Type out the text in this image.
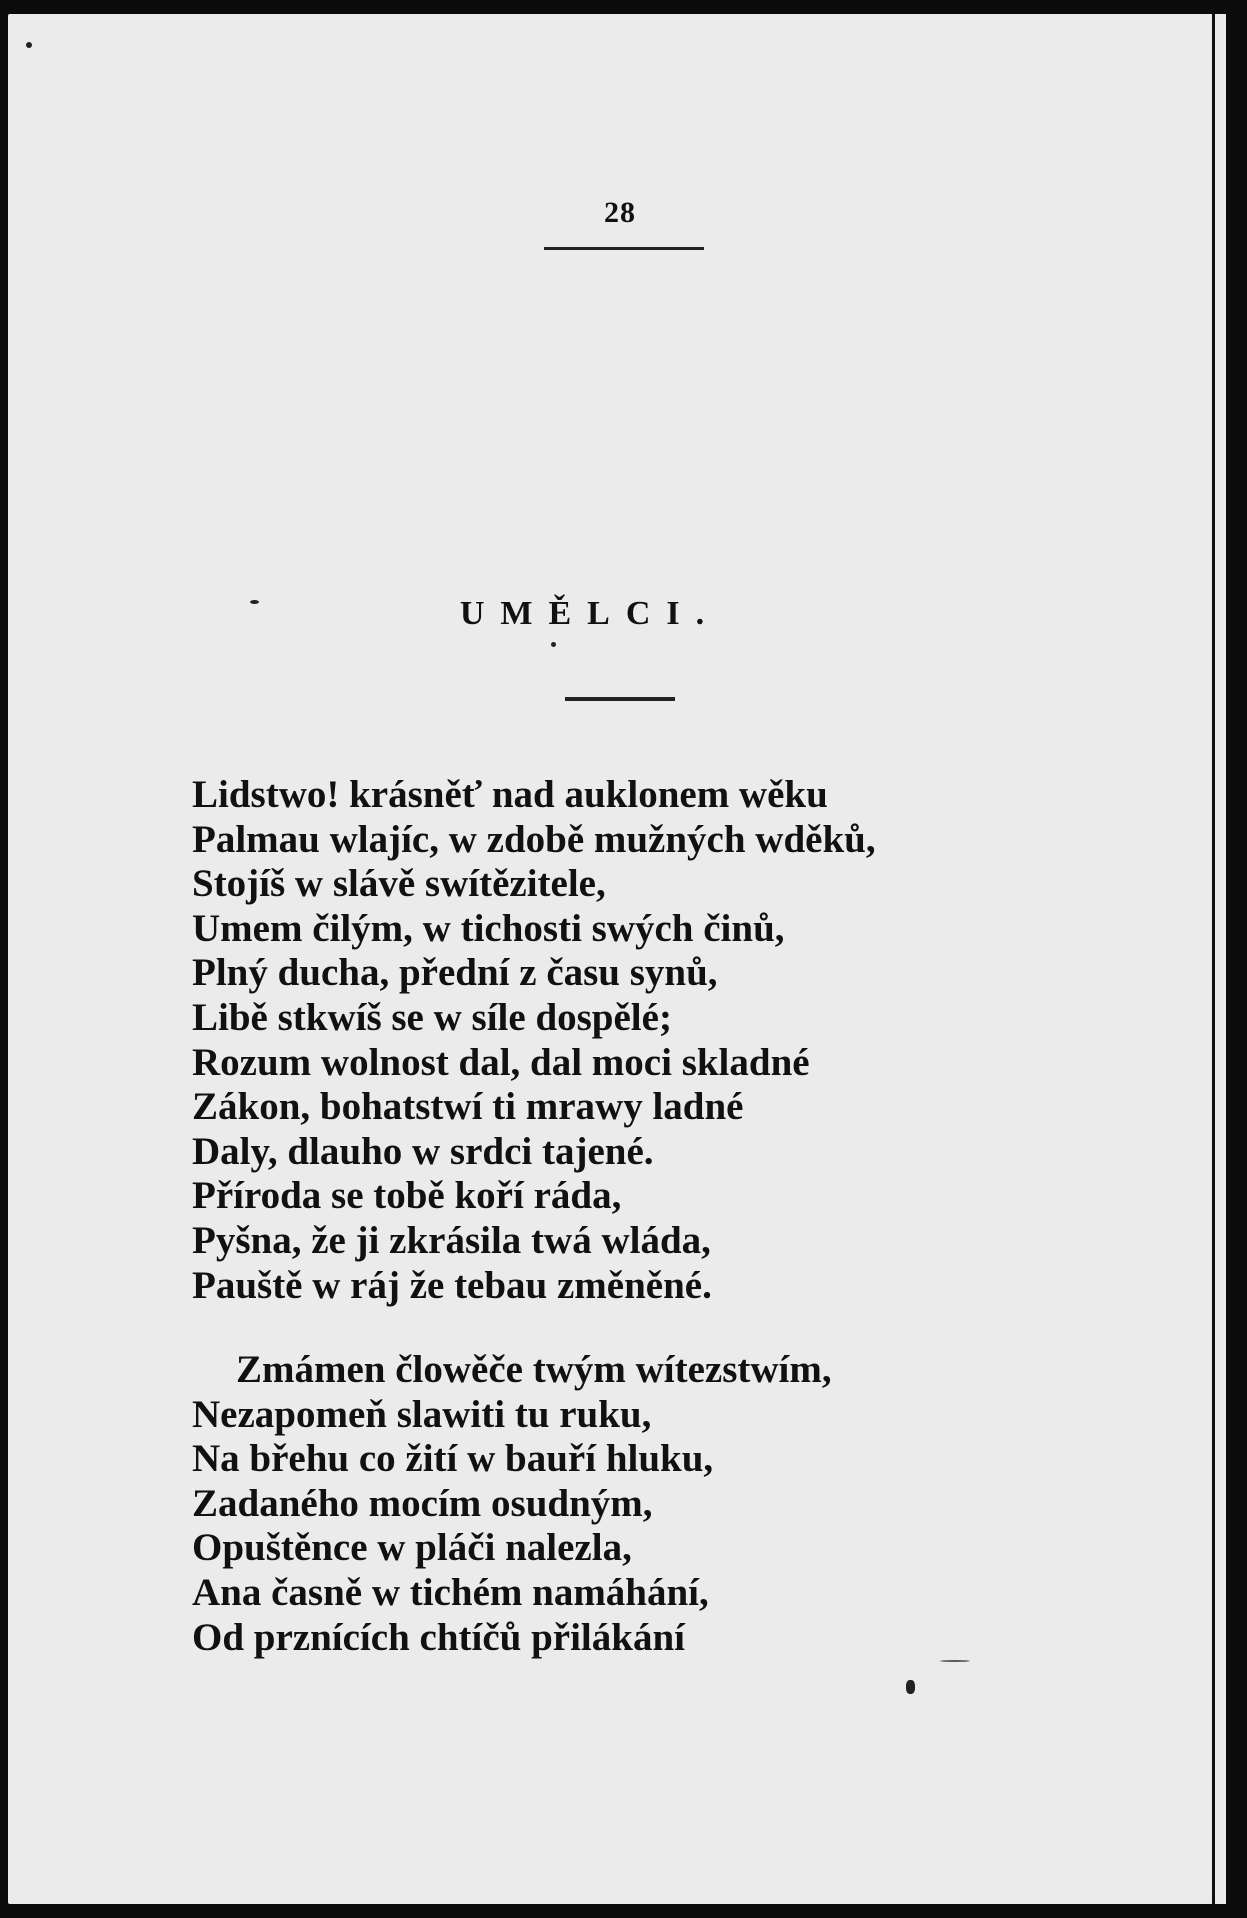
28
UMĚLCI.
Lidstwo! krásněť nad auklonem wěku
Palmau wlajíc, w zdobě mužných wděků,
Stojíš w slávě swítězitele,
Umem čilým, w tichosti swých činů,
Plný ducha, přední z času synů,
Libě stkwíš se w síle dospělé;
Rozum wolnost dal, dal moci skladné
Zákon, bohatstwí ti mrawy ladné
Daly, dlauho w srdci tajené.
Příroda se tobě koří ráda,
Pyšna, že ji zkrásila twá wláda,
Pauště w ráj že tebau změněné.
Zmámen člowěče twým wítezstwím,
Nezapomeň slawiti tu ruku,
Na břehu co žití w bauří hluku,
Zadaného mocím osudným,
Opuštěnce w pláči nalezla,
Ana časně w tichém namáhání,
Od prznících chtíčů přilákání
